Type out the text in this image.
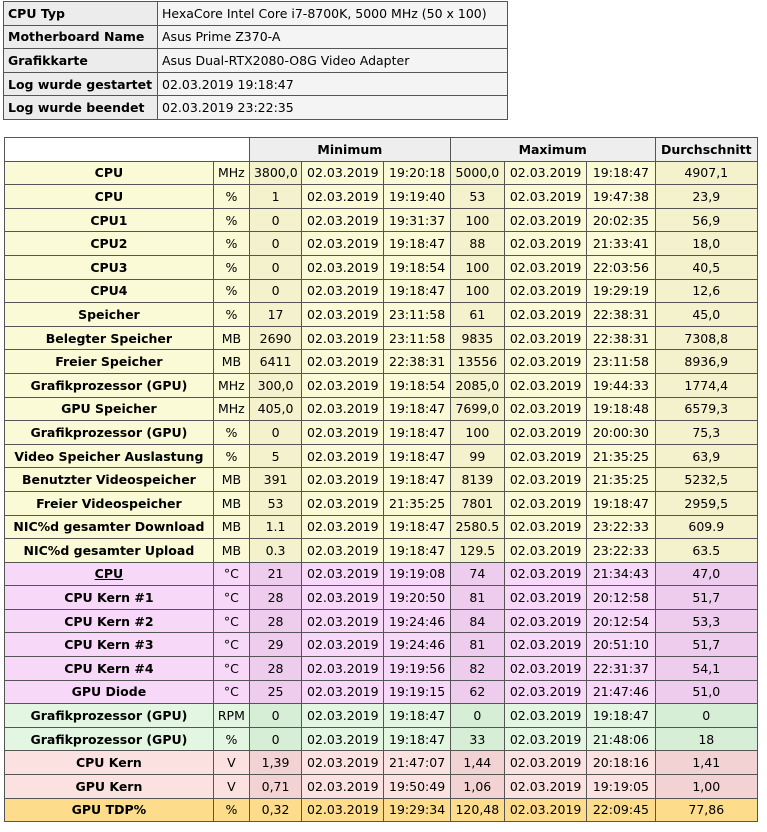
CPU Typ	HexaCore Intel Core i7-8700K, 5000 MHz (50 x 100)
Motherboard Name	Asus Prime Z370-A
Grafikkarte	Asus Dual-RTX2080-O8G Video Adapter
Log wurde gestartet	02.03.2019 19:18:47
Log wurde beendet	02.03.2019 23:22:35
		Minimum			Maximum			Durchschnitt
CPU	MHz	3800,0	02.03.2019	19:20:18	5000,0	02.03.2019	19:18:47	4907,1
CPU	%	1	02.03.2019	19:19:40	53	02.03.2019	19:47:38	23,9
CPU1	%	0	02.03.2019	19:31:37	100	02.03.2019	20:02:35	56,9
CPU2	%	0	02.03.2019	19:18:47	88	02.03.2019	21:33:41	18,0
CPU3	%	0	02.03.2019	19:18:54	100	02.03.2019	22:03:56	40,5
CPU4	%	0	02.03.2019	19:18:47	100	02.03.2019	19:29:19	12,6
Speicher	%	17	02.03.2019	23:11:58	61	02.03.2019	22:38:31	45,0
Belegter Speicher	MB	2690	02.03.2019	23:11:58	9835	02.03.2019	22:38:31	7308,8
Freier Speicher	MB	6411	02.03.2019	22:38:31	13556	02.03.2019	23:11:58	8936,9
Grafikprozessor (GPU)	MHz	300,0	02.03.2019	19:18:54	2085,0	02.03.2019	19:44:33	1774,4
GPU Speicher	MHz	405,0	02.03.2019	19:18:47	7699,0	02.03.2019	19:18:48	6579,3
Grafikprozessor (GPU)	%	0	02.03.2019	19:18:47	100	02.03.2019	20:00:30	75,3
Video Speicher Auslastung	%	5	02.03.2019	19:18:47	99	02.03.2019	21:35:25	63,9
Benutzter Videospeicher	MB	391	02.03.2019	19:18:47	8139	02.03.2019	21:35:25	5232,5
Freier Videospeicher	MB	53	02.03.2019	21:35:25	7801	02.03.2019	19:18:47	2959,5
NIC%d gesamter Download	MB	1.1	02.03.2019	19:18:47	2580.5	02.03.2019	23:22:33	609.9
NIC%d gesamter Upload	MB	0.3	02.03.2019	19:18:47	129.5	02.03.2019	23:22:33	63.5
CPU	°C	21	02.03.2019	19:19:08	74	02.03.2019	21:34:43	47,0
CPU Kern #1	°C	28	02.03.2019	19:20:50	81	02.03.2019	20:12:58	51,7
CPU Kern #2	°C	28	02.03.2019	19:24:46	84	02.03.2019	20:12:54	53,3
CPU Kern #3	°C	29	02.03.2019	19:24:46	81	02.03.2019	20:51:10	51,7
CPU Kern #4	°C	28	02.03.2019	19:19:56	82	02.03.2019	22:31:37	54,1
GPU Diode	°C	25	02.03.2019	19:19:15	62	02.03.2019	21:47:46	51,0
Grafikprozessor (GPU)	RPM	0	02.03.2019	19:18:47	0	02.03.2019	19:18:47	0
Grafikprozessor (GPU)	%	0	02.03.2019	19:18:47	33	02.03.2019	21:48:06	18
CPU Kern	V	1,39	02.03.2019	21:47:07	1,44	02.03.2019	20:18:16	1,41
GPU Kern	V	0,71	02.03.2019	19:50:49	1,06	02.03.2019	19:19:05	1,00
GPU TDP%	%	0,32	02.03.2019	19:29:34	120,48	02.03.2019	22:09:45	77,86
